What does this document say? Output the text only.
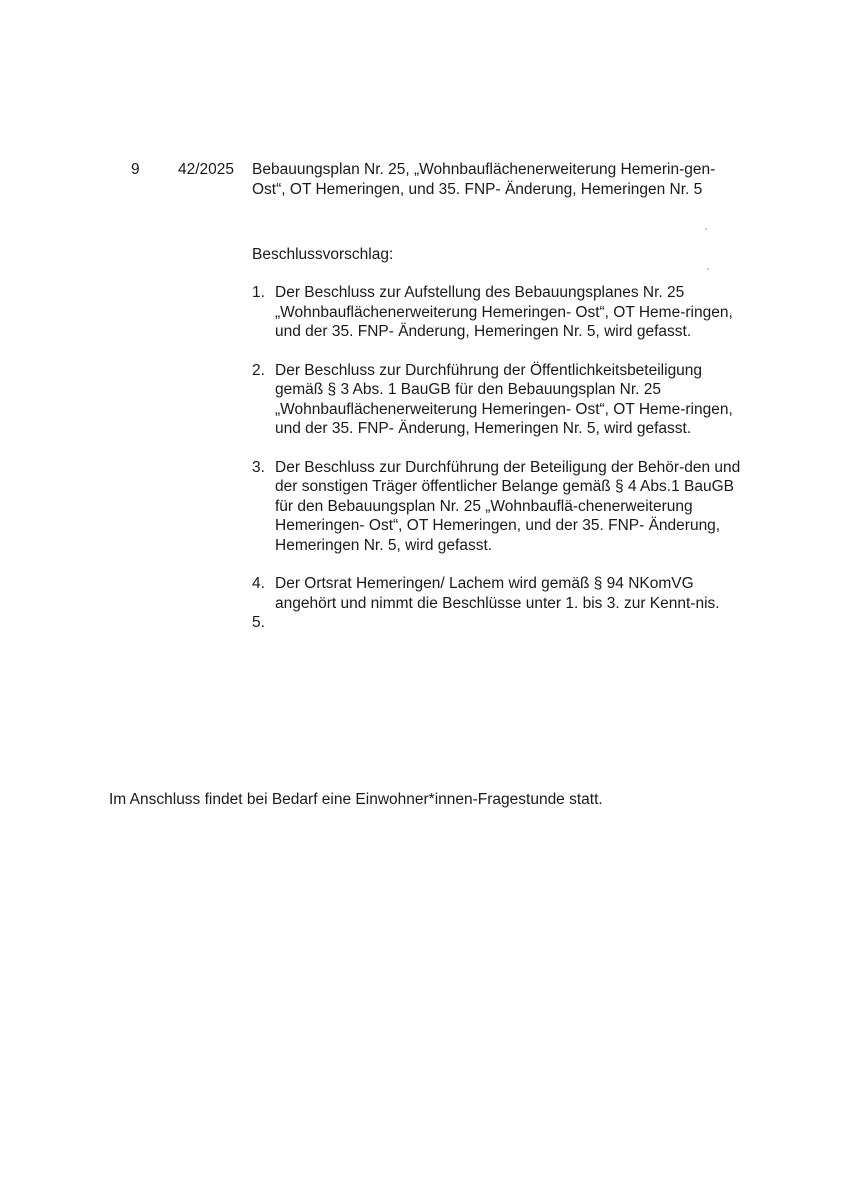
9 42/2025 Bebauungsplan Nr. 25, „Wohnbauflächenerweiterung Hemerin-gen- Ost“, OT Hemeringen, und 35. FNP- Änderung, Hemeringen Nr. 5
Beschlussvorschlag:
1. Der Beschluss zur Aufstellung des Bebauungsplanes Nr. 25 „Wohnbauflächenerweiterung Hemeringen- Ost“, OT Heme-ringen, und der 35. FNP- Änderung, Hemeringen Nr. 5, wird gefasst.
2. Der Beschluss zur Durchführung der Öffentlichkeitsbeteiligung gemäß § 3 Abs. 1 BauGB für den Bebauungsplan Nr. 25 „Wohnbauflächenerweiterung Hemeringen- Ost“, OT Heme-ringen, und der 35. FNP- Änderung, Hemeringen Nr. 5, wird gefasst.
3. Der Beschluss zur Durchführung der Beteiligung der Behör-den und der sonstigen Träger öffentlicher Belange gemäß § 4 Abs.1 BauGB für den Bebauungsplan Nr. 25 „Wohnbauflä-chenerweiterung Hemeringen- Ost“, OT Hemeringen, und der 35. FNP- Änderung, Hemeringen Nr. 5, wird gefasst.
4. Der Ortsrat Hemeringen/ Lachem wird gemäß § 94 NKomVG angehört und nimmt die Beschlüsse unter 1. bis 3. zur Kennt-nis.
5.

Im Anschluss findet bei Bedarf eine Einwohner*innen-Fragestunde statt.
